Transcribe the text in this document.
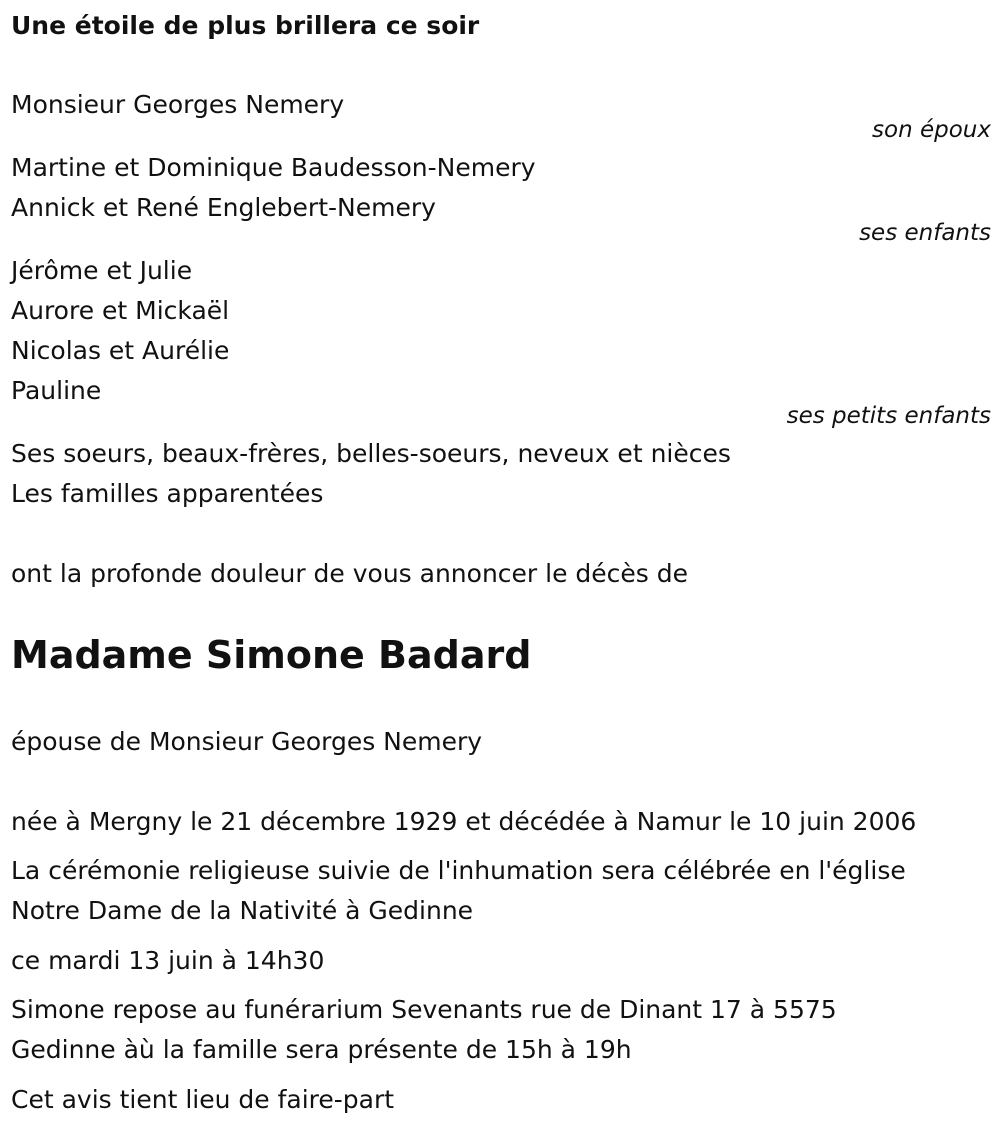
Une étoile de plus brillera ce soir
Monsieur Georges Nemery
son époux
Martine et Dominique Baudesson-Nemery
Annick et René Englebert-Nemery
ses enfants
Jérôme et Julie
Aurore et Mickaël
Nicolas et Aurélie
Pauline
ses petits enfants
Ses soeurs, beaux-frères, belles-soeurs, neveux et nièces
Les familles apparentées
ont la profonde douleur de vous annoncer le décès de
Madame Simone Badard
épouse de Monsieur Georges Nemery
née à Mergny le 21 décembre 1929 et décédée à Namur le 10 juin 2006
La cérémonie religieuse suivie de l'inhumation sera célébrée en l'église
Notre Dame de la Nativité à Gedinne
ce mardi 13 juin à 14h30
Simone repose au funérarium Sevenants rue de Dinant 17 à 5575
Gedinne àù la famille sera présente de 15h à 19h
Cet avis tient lieu de faire-part
